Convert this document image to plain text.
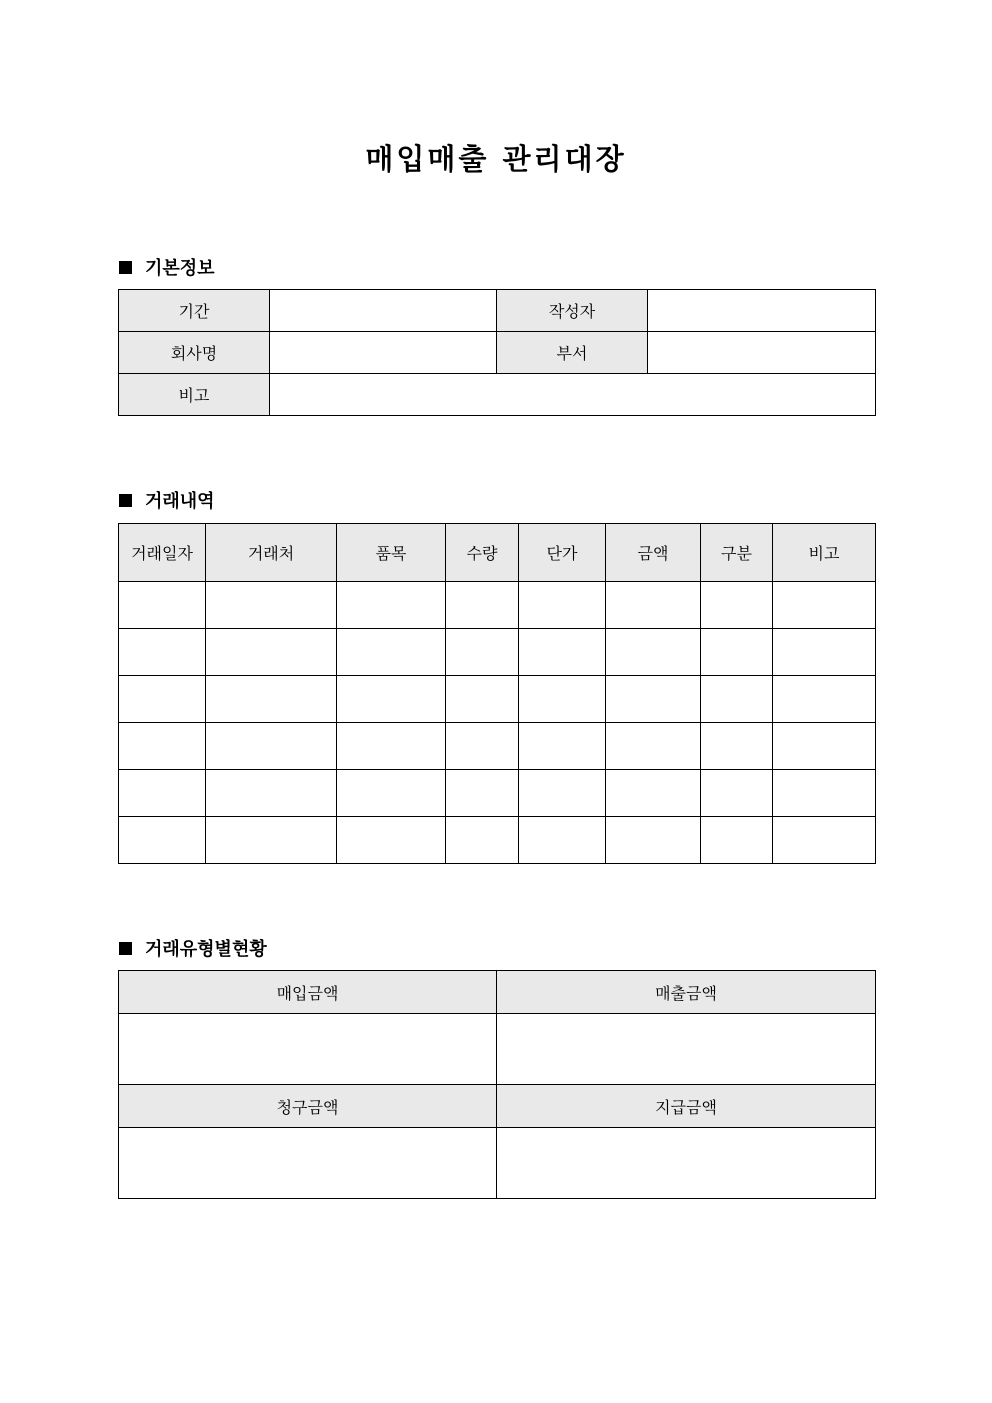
매입매출 관리대장
기본정보
기간		작성자	
회사명		부서	
비고			
거래내역
거래일자	거래처	품목	수량	단가	금액	구분	비고

거래유형별현황
매입금액	매출금액

청구금액	지급금액
